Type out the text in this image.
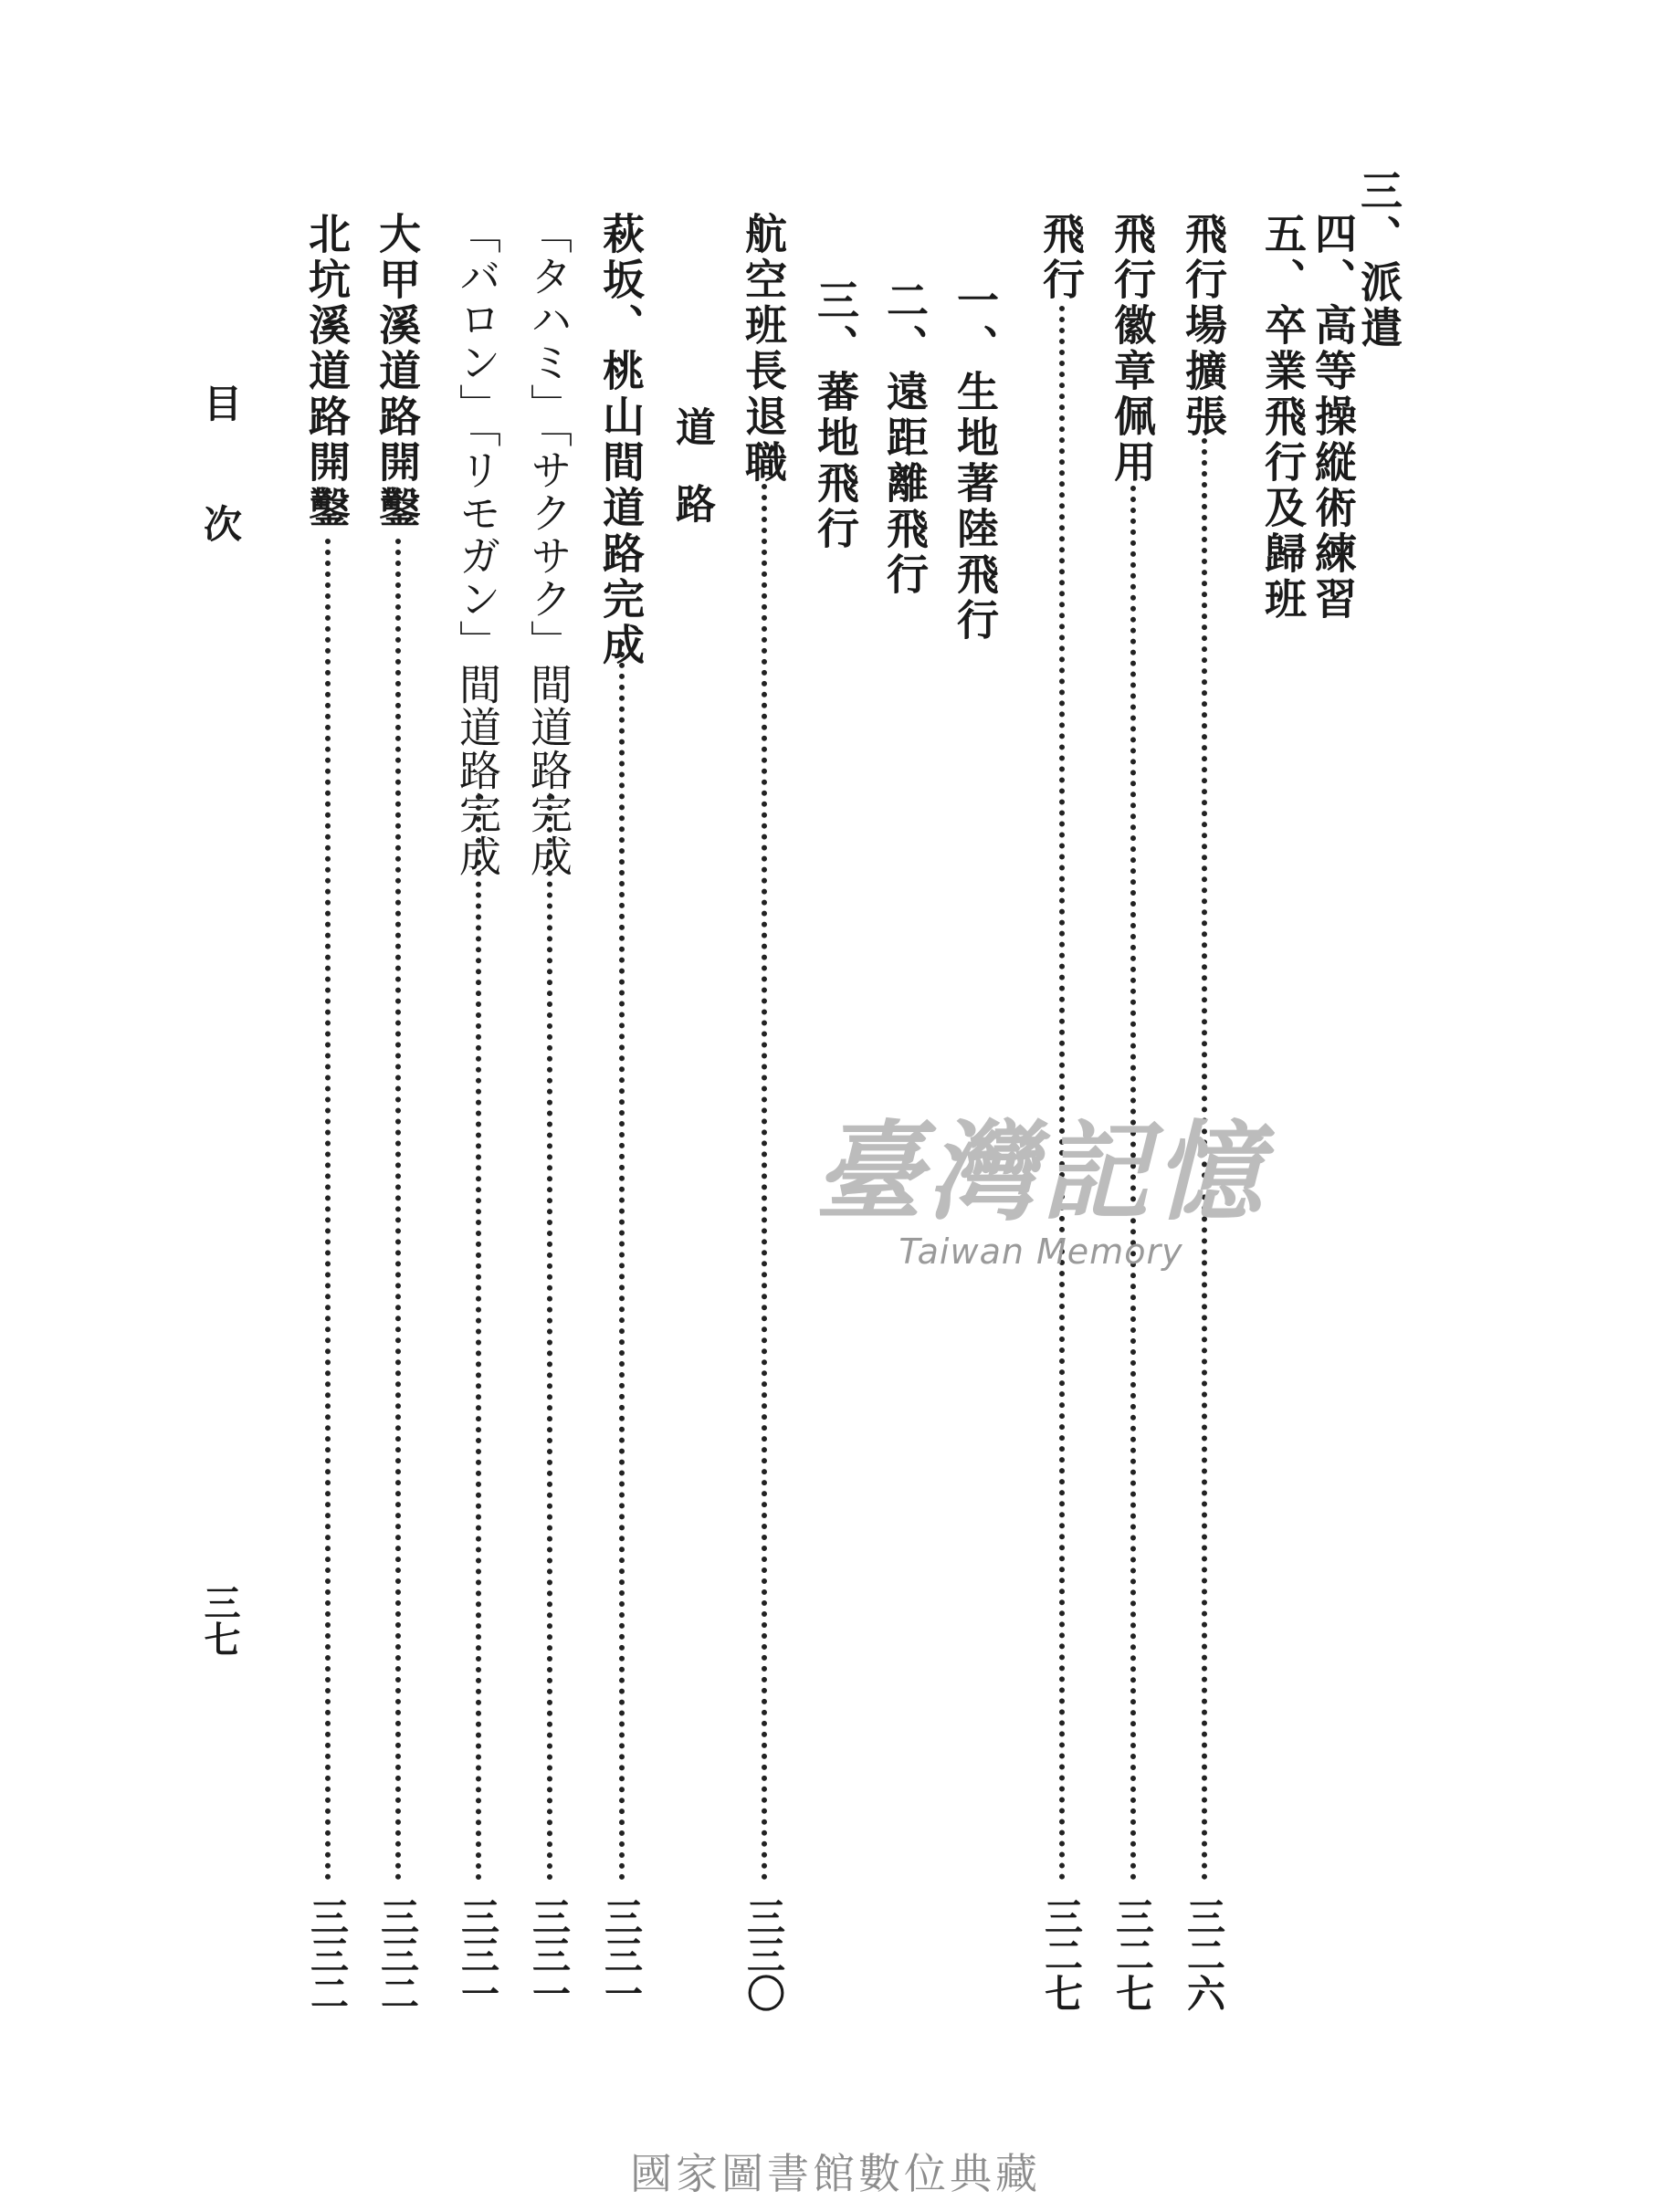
三、派遣
四、高等操縦術練習
五、卒業飛行及歸班
飛行場擴張
三二六
飛行徽章佩用
三二七
飛行
三二七
一、生地著陸飛行
二、遠距離飛行
三、蕃地飛行
航空班長退職
三三〇
道路
萩坂、桃山間道路完成
三三一
「タハミ」「サクサク」間道路完成
三三一
「バロン」「リモガン」間道路完成
三三一
大甲溪道路開鑿
三三二
北坑溪道路開鑿
三三二
目次
三七
臺灣記憶
Taiwan Memory
國家圖書館數位典藏
